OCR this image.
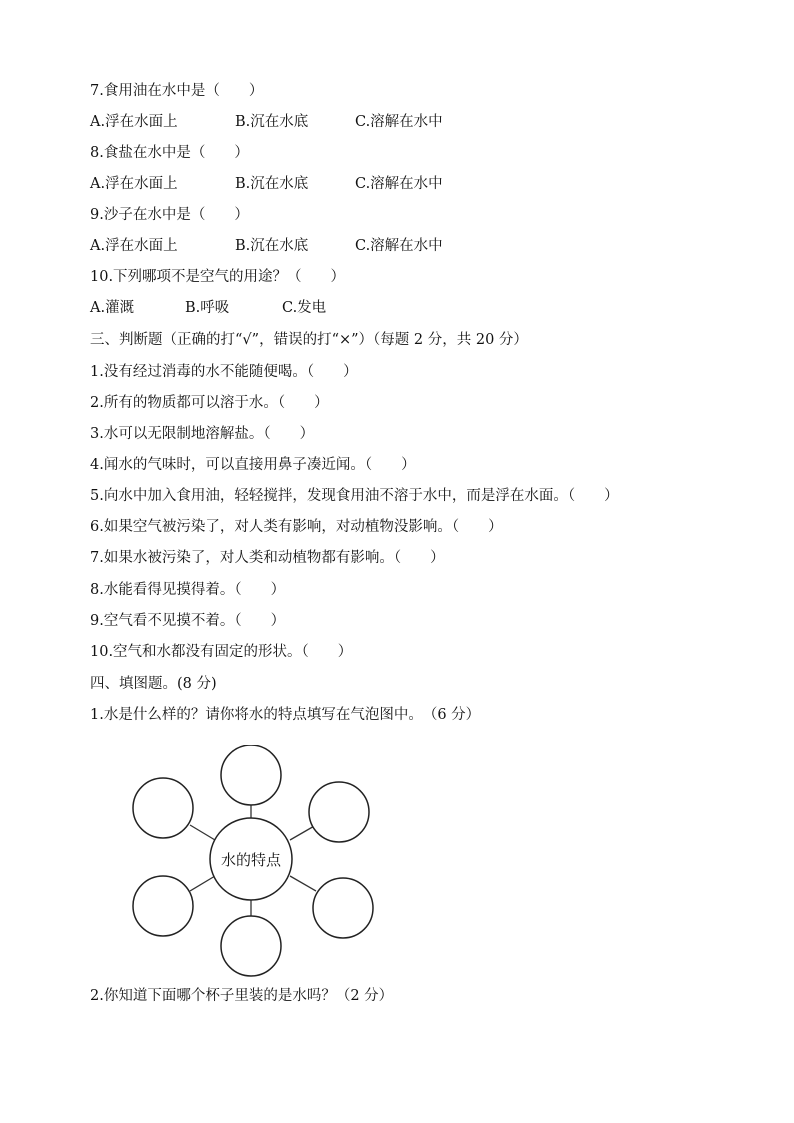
7.食用油在水中是（　　）
A.浮在水面上	B.沉在水底	C.溶解在水中
8.食盐在水中是（　　）
A.浮在水面上	B.沉在水底	C.溶解在水中
9.沙子在水中是（　　）
A.浮在水面上	B.沉在水底	C.溶解在水中
10.下列哪项不是空气的用途？（　　）
A.灌溉	B.呼吸	C.发电
三、判断题（正确的打“√”，错误的打“×”）（每题 2 分，共 20 分）
1.没有经过消毒的水不能随便喝。（　　）
2.所有的物质都可以溶于水。（　　）
3.水可以无限制地溶解盐。（　　）
4.闻水的气味时，可以直接用鼻子凑近闻。（　　）
5.向水中加入食用油，轻轻搅拌，发现食用油不溶于水中，而是浮在水面。（　　）
6.如果空气被污染了，对人类有影响，对动植物没影响。（　　）
7.如果水被污染了，对人类和动植物都有影响。（　　）
8.水能看得见摸得着。（　　）
9.空气看不见摸不着。（　　）
10.空气和水都没有固定的形状。（　　）
四、填图题。(8 分)
1.水是什么样的？请你将水的特点填写在气泡图中。　（6 分）
水的特点
2.你知道下面哪个杯子里装的是水吗？（2 分）
